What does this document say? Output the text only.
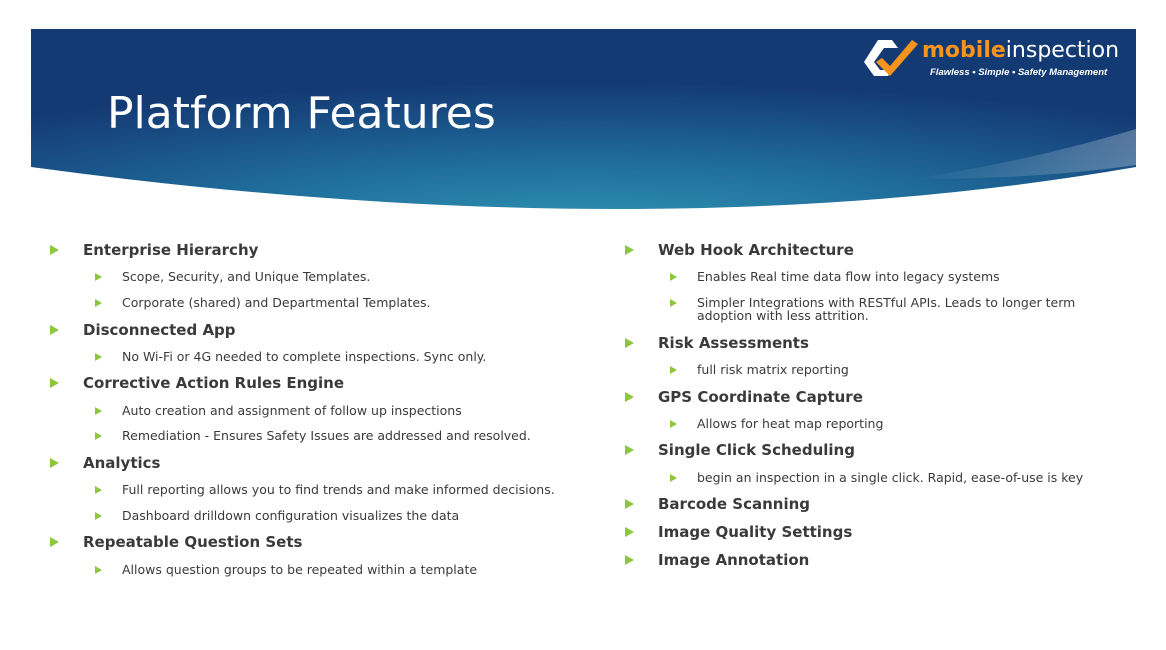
Platform Features
mobileinspection
Flawless • Simple • Safety Management
Enterprise Hierarchy
Scope, Security, and Unique Templates.
Corporate (shared) and Departmental Templates.
Disconnected App
No Wi-Fi or 4G needed to complete inspections. Sync only.
Corrective Action Rules Engine
Auto creation and assignment of follow up inspections
Remediation - Ensures Safety Issues are addressed and resolved.
Analytics
Full reporting allows you to find trends and make informed decisions.
Dashboard drilldown configuration visualizes the data
Repeatable Question Sets
Allows question groups to be repeated within a template
Web Hook Architecture
Enables Real time data flow into legacy systems
Simpler Integrations with RESTful APIs. Leads to longer term
adoption with less attrition.
Risk Assessments
full risk matrix reporting
GPS Coordinate Capture
Allows for heat map reporting
Single Click Scheduling
begin an inspection in a single click. Rapid, ease-of-use is key
Barcode Scanning
Image Quality Settings
Image Annotation
